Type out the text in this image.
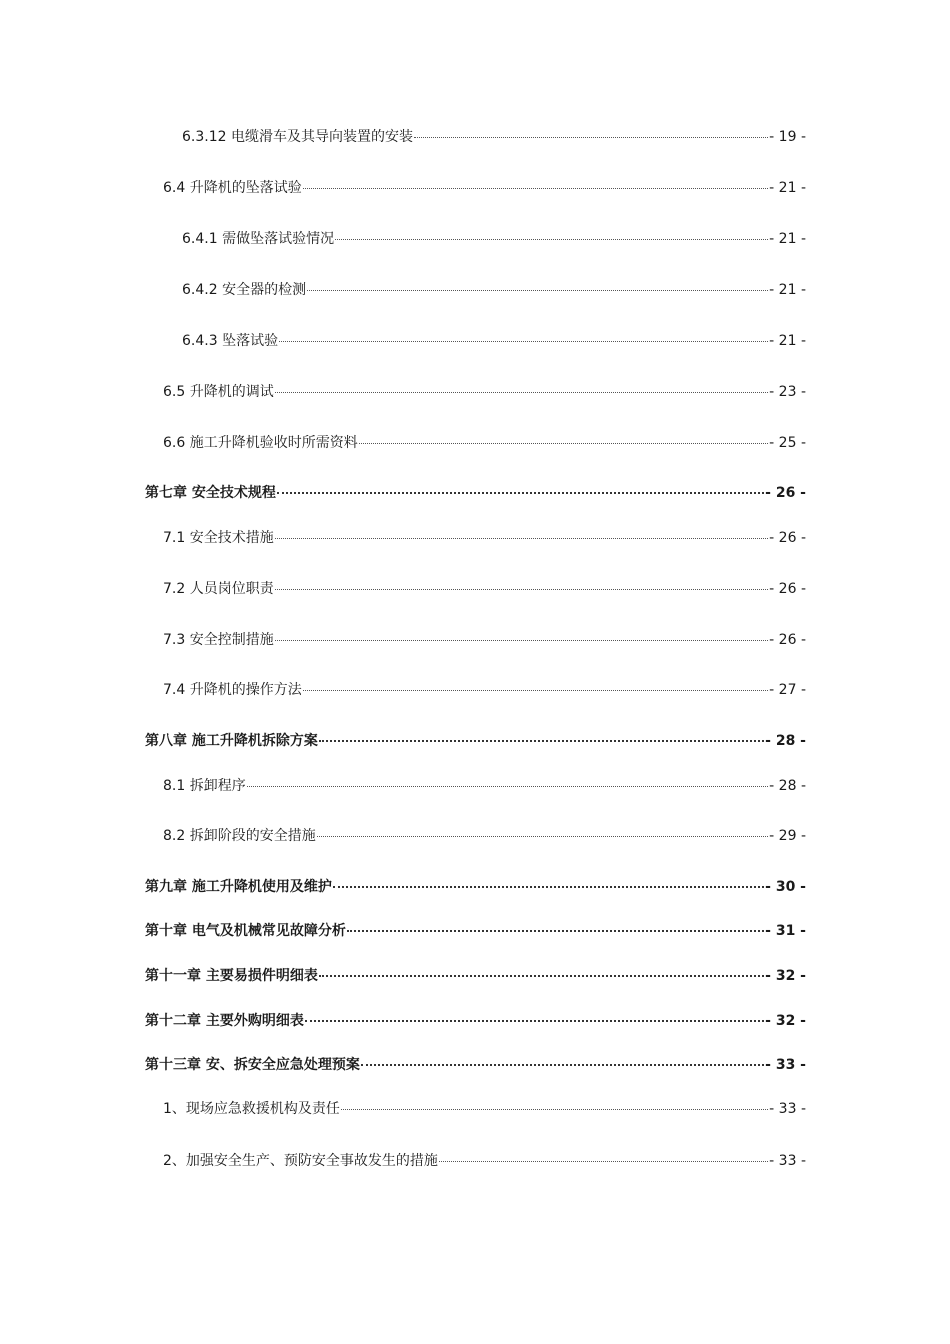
6.3.12 电缆滑车及其导向装置的安装	- 19 -
6.4 升降机的坠落试验	- 21 -
6.4.1 需做坠落试验情况	- 21 -
6.4.2 安全器的检测	- 21 -
6.4.3 坠落试验	- 21 -
6.5 升降机的调试	- 23 -
6.6 施工升降机验收时所需资料	- 25 -
第七章 安全技术规程	- 26 -
7.1 安全技术措施	- 26 -
7.2 人员岗位职责	- 26 -
7.3 安全控制措施	- 26 -
7.4 升降机的操作方法	- 27 -
第八章 施工升降机拆除方案	- 28 -
8.1 拆卸程序	- 28 -
8.2 拆卸阶段的安全措施	- 29 -
第九章 施工升降机使用及维护	- 30 -
第十章 电气及机械常见故障分析	- 31 -
第十一章 主要易损件明细表	- 32 -
第十二章 主要外购明细表	- 32 -
第十三章 安、拆安全应急处理预案	- 33 -
1、现场应急救援机构及责任	- 33 -
2、加强安全生产、预防安全事故发生的措施	- 33 -
